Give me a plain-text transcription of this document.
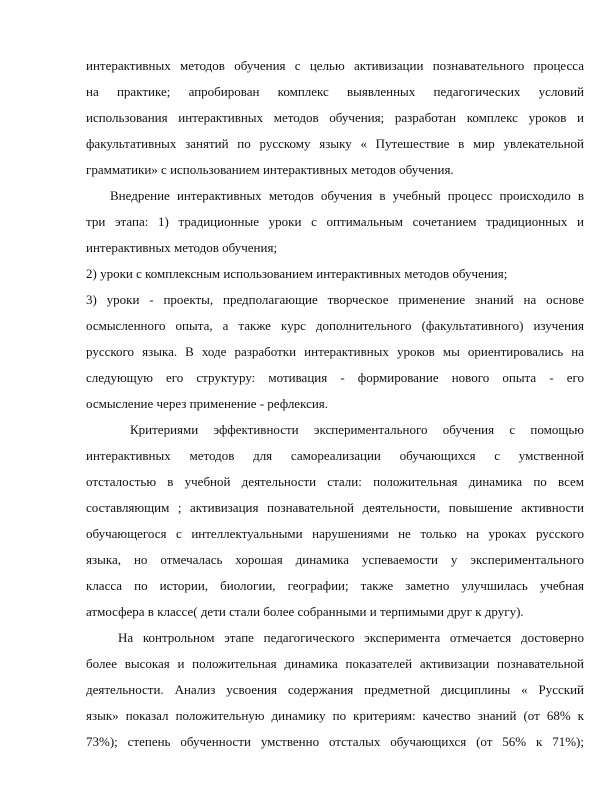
интерактивных методов обучения с целью активизации познавательного процесса
на практике; апробирован комплекс выявленных педагогических условий
использования интерактивных методов обучения; разработан комплекс уроков и
факультативных занятий по русскому языку « Путешествие в мир увлекательной
грамматики» с использованием интерактивных методов обучения.
Внедрение интерактивных методов обучения в учебный процесс происходило в
три этапа: 1) традиционные уроки с оптимальным сочетанием традиционных и
интерактивных методов обучения;
2) уроки с комплексным использованием интерактивных методов обучения;
3) уроки - проекты, предполагающие творческое применение знаний на основе
осмысленного опыта, а также курс дополнительного (факультативного) изучения
русского языка. В ходе разработки интерактивных уроков мы ориентировались на
следующую его структуру: мотивация - формирование нового опыта - его
осмысление через применение - рефлексия.
Критериями эффективности экспериментального обучения с помощью
интерактивных методов для самореализации обучающихся с умственной
отсталостью в учебной деятельности стали: положительная динамика по всем
составляющим ; активизация познавательной деятельности, повышение активности
обучающегося с интеллектуальными нарушениями не только на уроках русского
языка, но отмечалась хорошая динамика успеваемости у экспериментального
класса по истории, биологии, географии; также заметно улучшилась учебная
атмосфера в классе( дети стали более собранными и терпимыми друг к другу).
На контрольном этапе педагогического эксперимента отмечается достоверно
более высокая и положительная динамика показателей активизации познавательной
деятельности. Анализ усвоения содержания предметной дисциплины « Русский
язык» показал положительную динамику по критериям: качество знаний (от 68% к
73%); степень обученности умственно отсталых обучающихся (от 56% к 71%);
